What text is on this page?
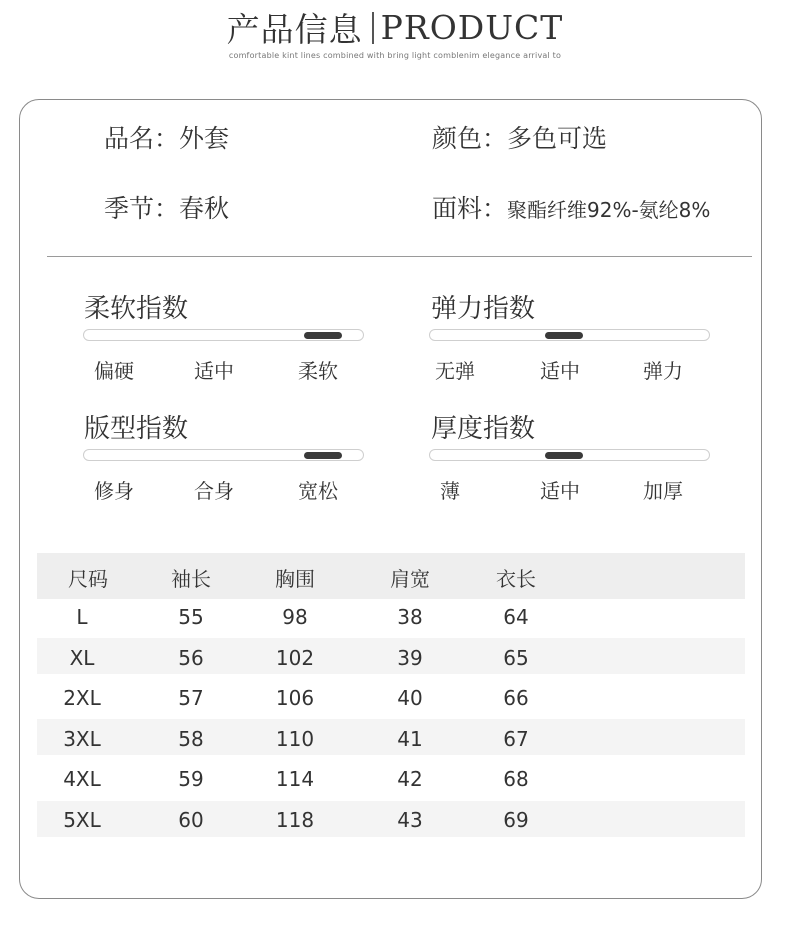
产品信息 PRODUCT
comfortable kint lines combined with bring light comblenim elegance arrival to
品名：外套	颜色：多色可选
季节：春秋	面料：聚酯纤维92%-氨纶8%
柔软指数
偏硬	适中	柔软
弹力指数
无弹	适中	弹力
版型指数
修身	合身	宽松
厚度指数
薄	适中	加厚
尺码	袖长	胸围	肩宽	衣长
L	55	98	38	64
XL	56	102	39	65
2XL	57	106	40	66
3XL	58	110	41	67
4XL	59	114	42	68
5XL	60	118	43	69
